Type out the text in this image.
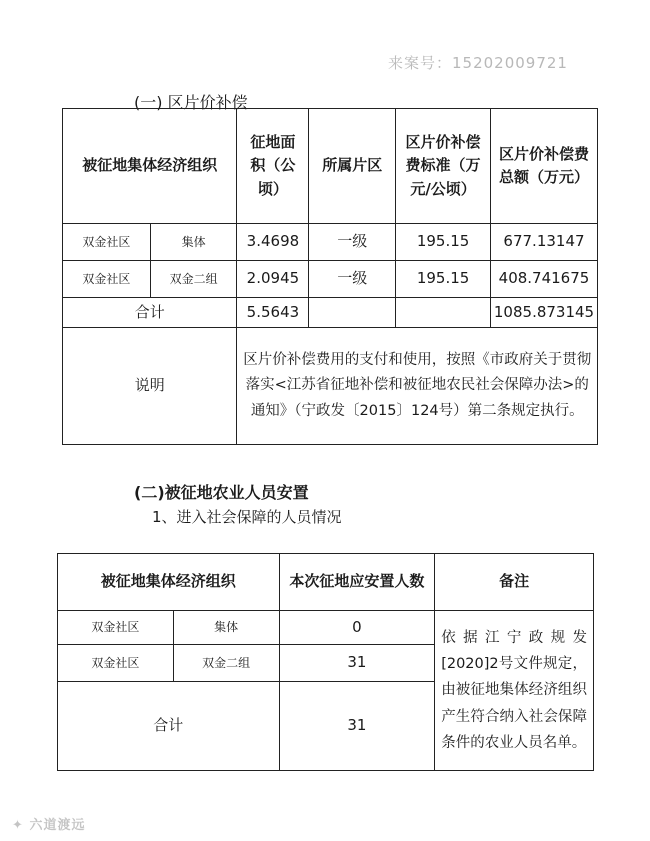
来案号：15202009721
(一) 区片价补偿
被征地集体经济组织		征地面积（公顷）	所属片区	区片价补偿费标准（万元/公顷）	区片价补偿费总额（万元）
双金社区	集体	3.4698	一级	195.15	677.13147
双金社区	双金二组	2.0945	一级	195.15	408.741675
合计		5.5643			1085.873145
说明		区片价补偿费用的支付和使用，按照《市政府关于贯彻落实<江苏省征地补偿和被征地农民社会保障办法>的通知》（宁政发〔2015〕124号）第二条规定执行。			
(二)被征地农业人员安置
1、进入社会保障的人员情况
被征地集体经济组织		本次征地应安置人数	备注
双金社区	集体	0	依据江宁政规发[2020]2号文件规定，由被征地集体经济组织产生符合纳入社会保障条件的农业人员名单。
双金社区	双金二组	31	
合计		31	
✦ 六道渡远
